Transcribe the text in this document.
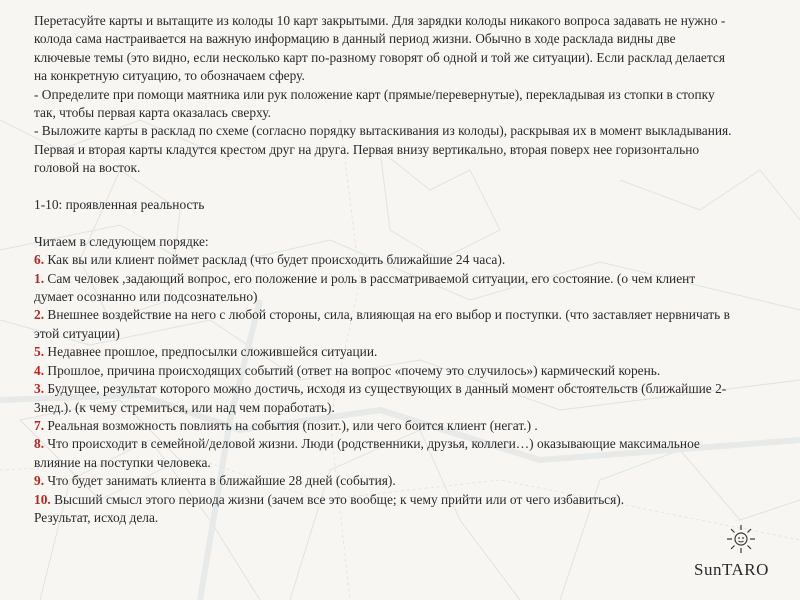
Перетасуйте карты и вытащите из колоды 10 карт закрытыми. Для зарядки колоды никакого вопроса задавать не нужно - колода сама настраивается на важную информацию в данный период жизни. Обычно в ходе расклада видны две ключевые темы (это видно, если несколько карт по-разному говорят об одной и той же ситуации). Если расклад делается на конкретную ситуацию, то обозначаем сферу.

- Определите при помощи маятника или рук положение карт (прямые/перевернутые), перекладывая из стопки в стопку так, чтобы первая карта оказалась сверху.

- Выложите карты в расклад по схеме (согласно порядку вытаскивания из колоды), раскрывая их в момент выкладывания. Первая и вторая карты кладутся крестом друг на друга. Первая внизу вертикально, вторая поверх нее горизонтально головой на восток.

1-10: проявленная реальность

Читаем в следующем порядке:

6. Как вы или клиент поймет расклад (что будет происходить ближайшие 24 часа).

1. Сам человек ,задающий вопрос, его положение и роль в рассматриваемой ситуации, его состояние. (о чем клиент думает осознанно или подсознательно)

2. Внешнее воздействие на него с любой стороны, сила, влияющая на его выбор и поступки. (что заставляет нервничать в этой ситуации)

5. Недавнее прошлое, предпосылки сложившейся ситуации.

4. Прошлое, причина происходящих событий (ответ на вопрос «почему это случилось») кармический корень.

3. Будущее, результат которого можно достичь, исходя из существующих в данный момент обстоятельств (ближайшие 2-3нед.). (к чему стремиться, или над чем поработать).

7. Реальная возможность повлиять на события (позит.), или чего боится клиент (негат.) .

8. Что происходит в семейной/деловой жизни. Люди (родственники, друзья, коллеги…) оказывающие максимальное влияние на поступки человека.

9. Что будет занимать клиента в ближайшие 28 дней (события).

10. Высший смысл этого периода жизни (зачем все это вообще; к чему прийти или от чего избавиться).

Результат, исход дела.

SunTARO
